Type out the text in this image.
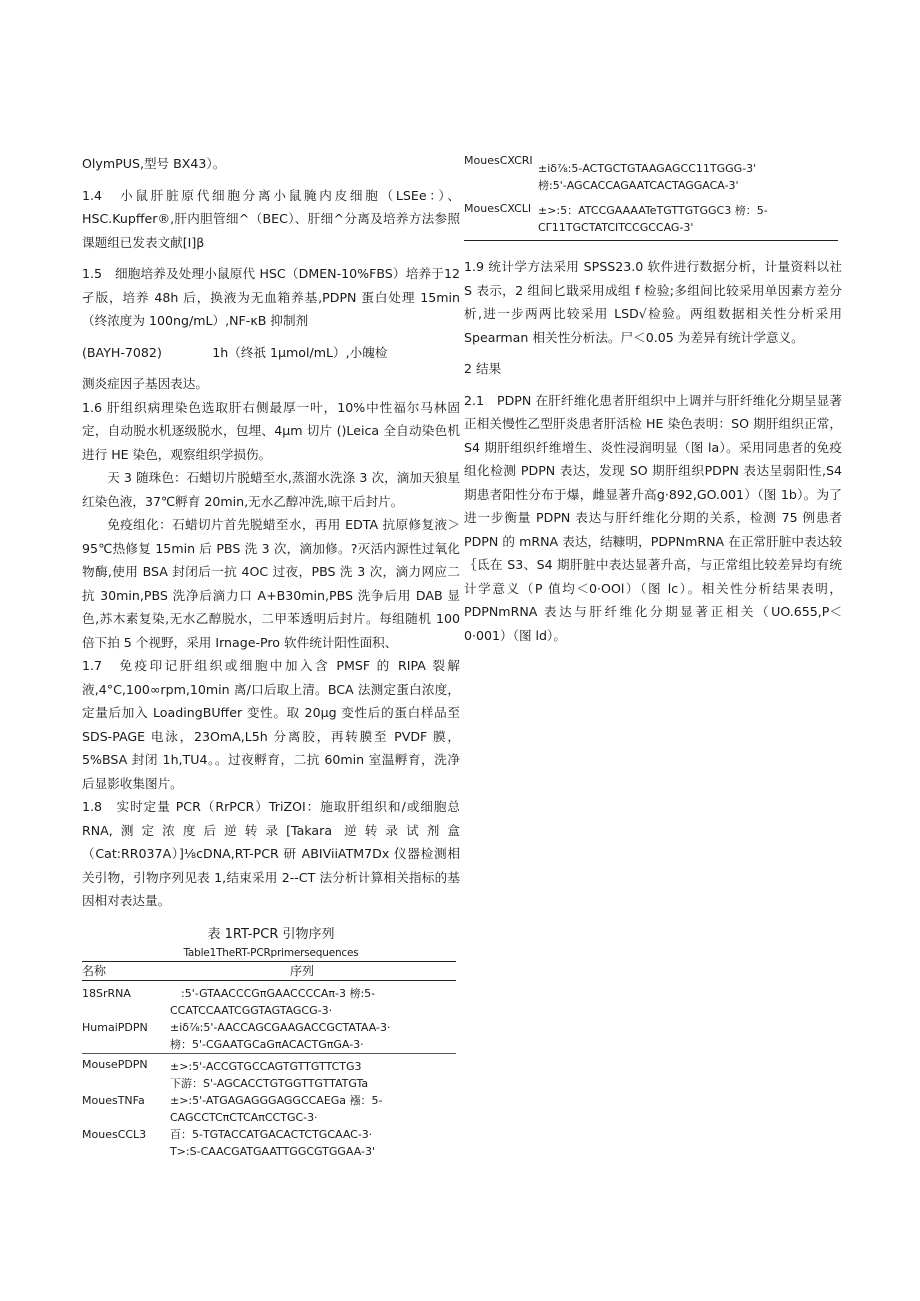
OlymPUS,型号 BX43）。

1.4　小鼠肝脏原代细胞分离小鼠腌内皮细胞（LSEe：）、HSC.Kupffer®,肝内胆管细^（BEC）、肝细^分离及培养方法参照课题组已发表文献[I]β

1.5　细胞培养及处理小鼠原代 HSC（DMEN-10%FBS）培养于12 孑版，培养 48h 后，换液为无血箱养基,PDPN 蛋白处理 15min（终浓度为 100ng/mL）,NF-κB 抑制剂

(BAYH-7082)　　　　1h（终祇 1μmol/mL）,小魄检

测炎症因子基因表达。

1.6 肝组织病理染色选取肝右侧最厚一叶，10%中性福尔马林固定，自动脱水机逐级脱水，包埋、4μm 切片 ()Leica 全自动染色机进行 HE 染色，观察组织学损伤。

天 3 随珠色：石蜡切片脱蜡至水,蒸溜水洗涤 3 次，滴加天狼星红染色液，37℃孵育 20min,无水乙醇冲洗,晾干后封片。

免疫组化：石蜡切片首先脱蜡至水，再用 EDTA 抗原修复液＞95℃热修复 15min 后 PBS 洗 3 次，滴加修。?灭活内源性过氧化物酶,使用 BSA 封闭后一抗 4OC 过夜，PBS 洗 3 次，滴力网应二抗 30min,PBS 洗净后滴力口 A+B30min,PBS 洗争后用 DAB 显色,苏木素复染,无水乙醇脱水，二甲苯透明后封片。每组随机 100 倍下拍 5 个视野，采用 Irnage-Pro 软件统计阳性面积、

1.7　免疫印记肝组织或细胞中加入含 PMSF 的 RIPA 裂解液,4°C,100∞rpm,10min 离/口后取上清。BCA 法测定蛋白浓度，定量后加入 LoadingBUffer 变性。取 20μg 变性后的蛋白样品至 SDS-PAGE 电泳，23OmA,L5h 分离胶，再转膜至 PVDF 膜，5%BSA 封闭 1h,TU4。。过夜孵育，二抗 60min 室温孵育，洗净后显影收集图片。

1.8　实时定量 PCR（RrPCR）TriZOI：施取肝组织和/或细胞总 RNA,测定浓度后逆转录[Takara 逆转录试剂盒（Cat:RR037A）]⅛cDNA,RT-PCR 研 ABIViiATM7Dx 仪器检测相关引物，引物序列见表 1,结束采用 2--CT 法分析计算相关指标的基因相对表达量。

表 1RT-PCR 引物序列
Table1TheRT-PCRprimersequences
名称	序列
18SrRNA	　:5'-GTAACCCGπGAACCCCAπ-3 榜:5-
CCATCCAATCGGTAGTAGCG-3·

HumaiPDPN	±iδ⅞:5'-AACCAGCGAAGACCGCTATAA-3·
榜：5'-CGAATGCaGπACACTGπGA-3·

MousePDPN	±>:5'-ACCGTGCCAGTGTTGTTCTG3
下游：S'-AGCACCTGTGGTTGTTATGTa

MouesTNFa	±>:5'-ATGAGAGGGAGGCCAEGa 襁：5-
CAGCCTCπCTCAπCCTGC-3·

MouesCCL3	百：5-TGTACCATGACACTCTGCAAC-3·
T>:S-CAACGATGAATTGGCGTGGAA-3'
MouesCXCRI	±iδ⅞:5-ACTGCTGTAAGAGCC11TGGG-3'
榜:5'-AGCACCAGAATCACTAGGACA-3'

MouesCXCLI	±>:5：ATCCGAAAATeTGTTGTGGC3 榜：5-
CΓ11TGCTATCITCCGCCAG-3'

1.9 统计学方法采用 SPSS23.0 软件进行数据分析，计量资料以社 S 表示，2 组间匕戢采用成组 f 检验;多组间比较采用单因素方差分析,进一步两两比较采用 LSD√检验。两组数据相关性分析采用 Spearman 相关性分析法。尸＜0.05 为差异有统计学意义。

2 结果

2.1　PDPN 在肝纤维化患者肝组织中上调并与肝纤维化分期呈显著正相关慢性乙型肝炎患者肝活检 HE 染色表明：SO 期肝组织正常，S4 期肝组织纤维增生、炎性浸润明显（图 la）。采用同患者的免疫组化检测 PDPN 表达，发现 SO 期肝组织PDPN 表达呈弱阳性,S4 期患者阳性分布于爆，雌显著升高g·892,GO.001）（图 1b）。为了进一步衡量 PDPN 表达与肝纤维化分期的关系，检测 75 例患者 PDPN 的 mRNA 表达，结糠明，PDPNmRNA 在正常肝脏中表达较｛氐在 S3、S4 期肝脏中表达显著升高，与正常组比较差异均有统计学意义（P 值均＜0·OOl）（图 lc）。相关性分析结果表明，PDPNmRNA 表达与肝纤维化分期显著正相关（UO.655,P＜0·001）（图 ld）。
